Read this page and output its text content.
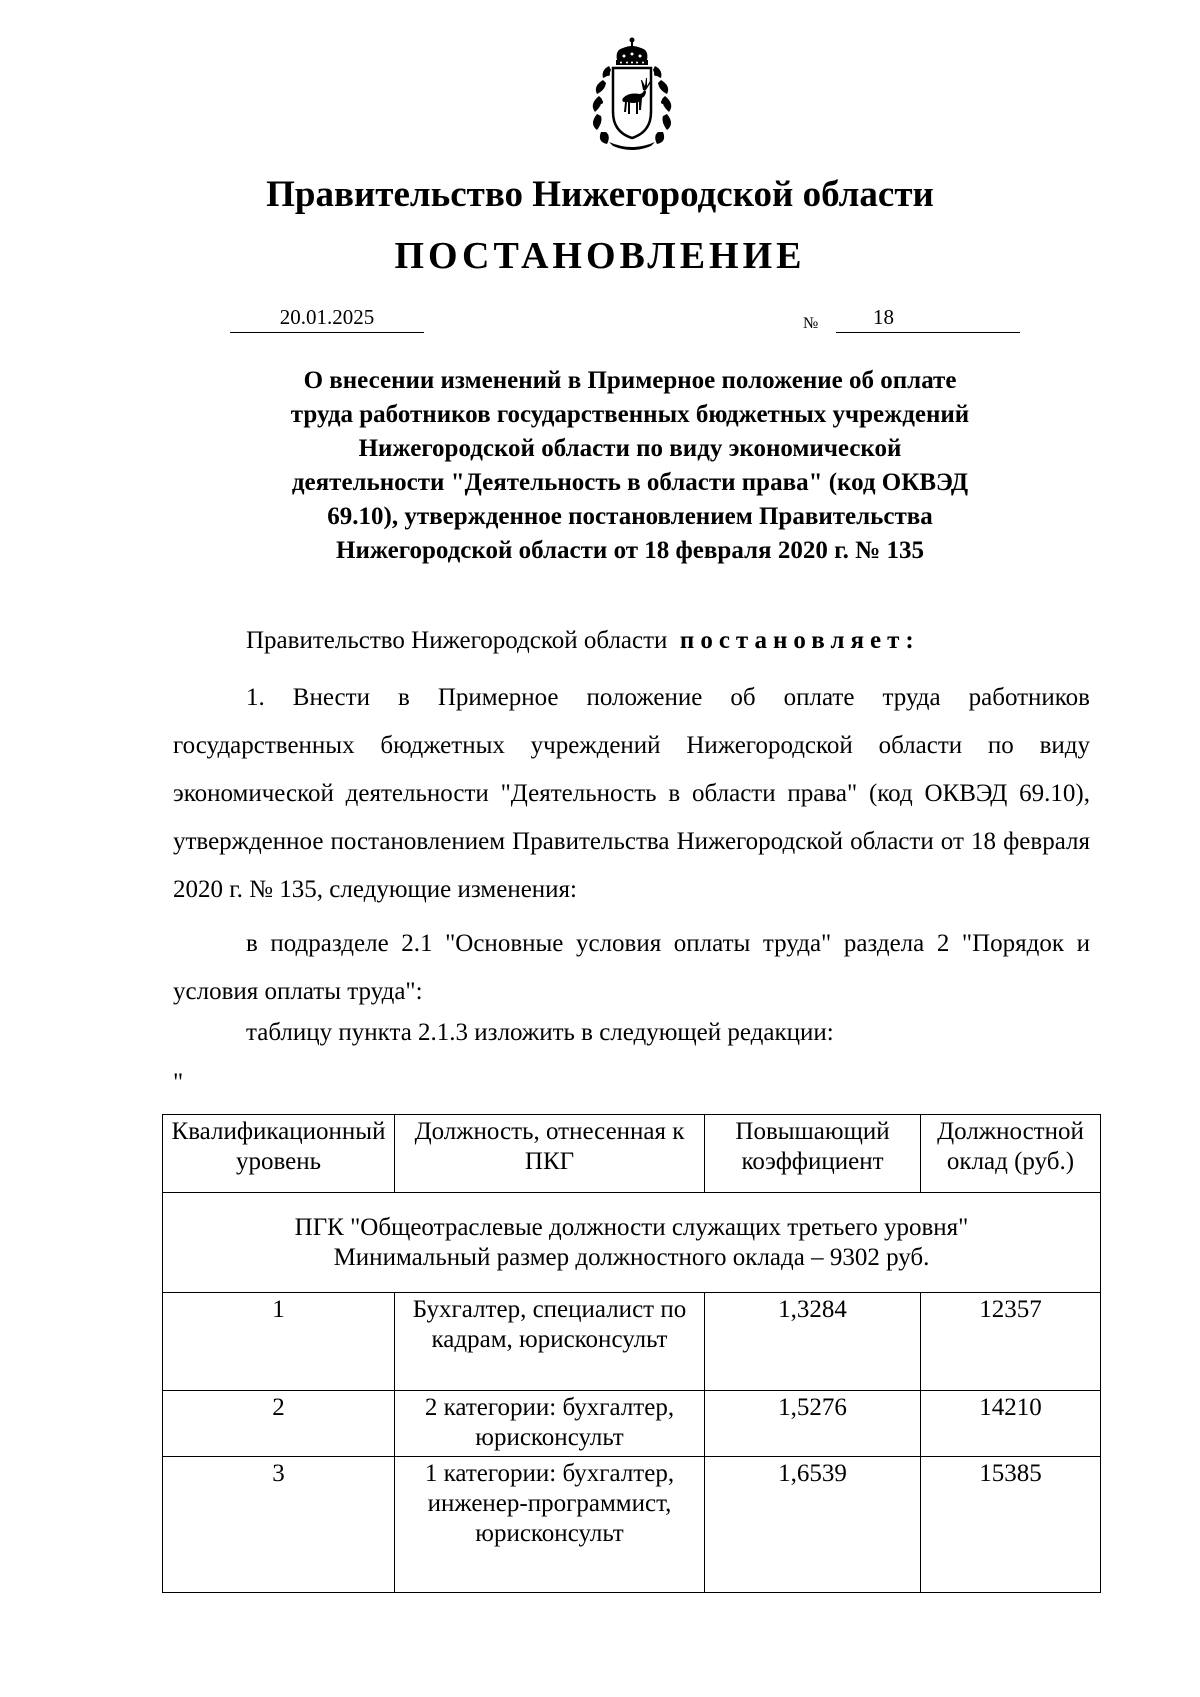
Правительство Нижегородской области
ПОСТАНОВЛЕНИЕ
20.01.2025	№	18
О внесении изменений в Примерное положение об оплате
труда работников государственных бюджетных учреждений
Нижегородской области по виду экономической
деятельности "Деятельность в области права" (код ОКВЭД
69.10), утвержденное постановлением Правительства
Нижегородской области от 18 февраля 2020 г. № 135

Правительство Нижегородской области постановляет:

1. Внести в Примерное положение об оплате труда работников государственных бюджетных учреждений Нижегородской области по виду экономической деятельности "Деятельность в области права" (код ОКВЭД 69.10), утвержденное постановлением Правительства Нижегородской области от 18 февраля 2020 г. № 135, следующие изменения:

в подразделе 2.1 "Основные условия оплаты труда" раздела 2 "Порядок и условия оплаты труда":

таблицу пункта 2.1.3 изложить в следующей редакции:

"
Квалификационный уровень	Должность, отнесенная к ПКГ	Повышающий коэффициент	Должностной оклад (руб.)
ПГК "Общеотраслевые должности служащих третьего уровня"
Минимальный размер должностного оклада – 9302 руб.			
1	Бухгалтер, специалист по кадрам, юрисконсульт	1,3284	12357
2	2 категории: бухгалтер, юрисконсульт	1,5276	14210
3	1 категории: бухгалтер, инженер-программист, юрисконсульт	1,6539	15385
